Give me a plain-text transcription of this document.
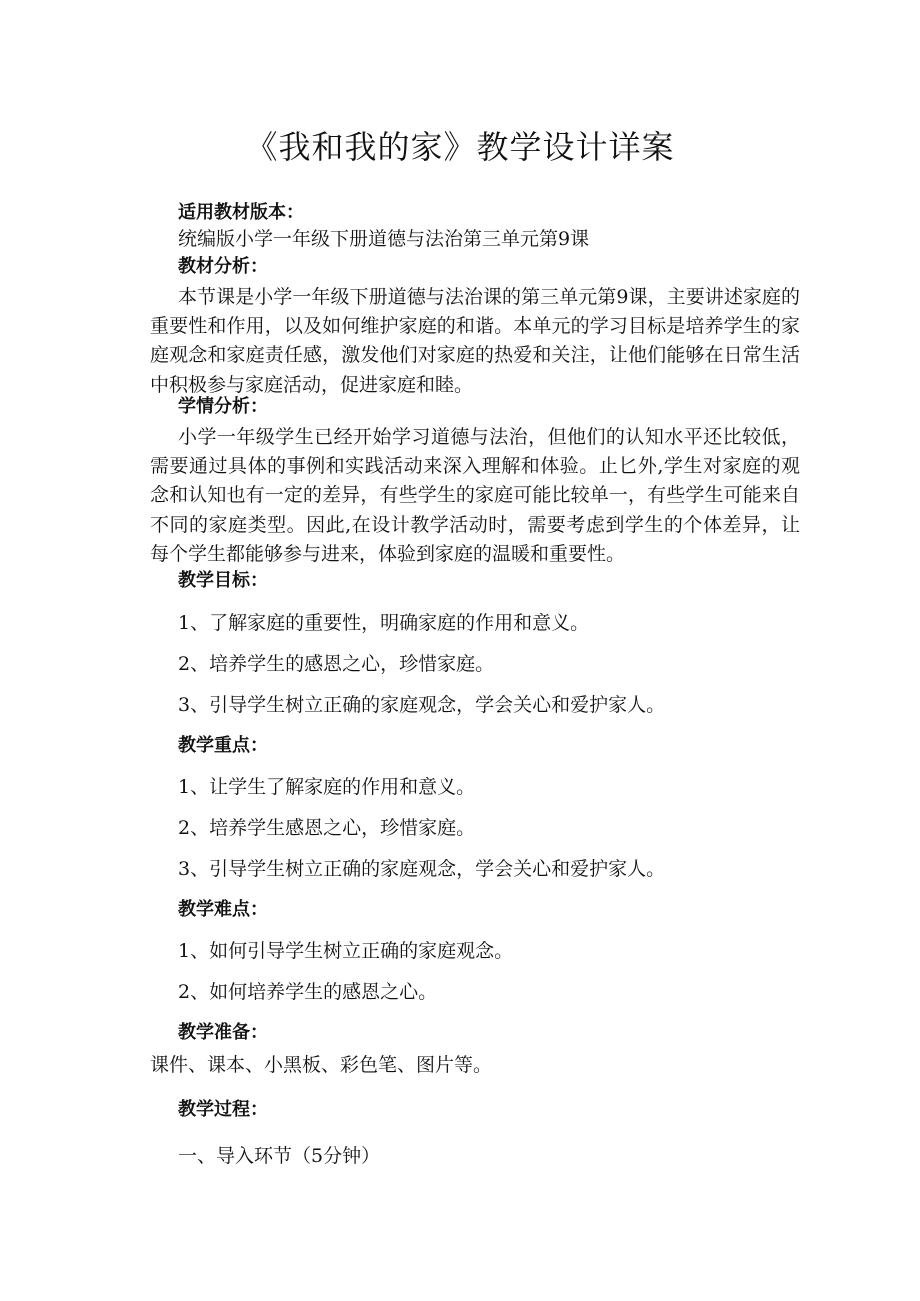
《我和我的家》教学设计详案
适用教材版本：
统编版小学一年级下册道德与法治第三单元第9课
教材分析：
本节课是小学一年级下册道德与法治课的第三单元第9课，主要讲述家庭的重要性和作用，以及如何维护家庭的和谐。本单元的学习目标是培养学生的家庭观念和家庭责任感，激发他们对家庭的热爱和关注，让他们能够在日常生活中积极参与家庭活动，促进家庭和睦。
学情分析：
小学一年级学生已经开始学习道德与法治，但他们的认知水平还比较低，需要通过具体的事例和实践活动来深入理解和体验。止匕外,学生对家庭的观念和认知也有一定的差异，有些学生的家庭可能比较单一，有些学生可能来自不同的家庭类型。因此,在设计教学活动时，需要考虑到学生的个体差异，让每个学生都能够参与进来，体验到家庭的温暖和重要性。
教学目标：
1、了解家庭的重要性，明确家庭的作用和意义。
2、培养学生的感恩之心，珍惜家庭。
3、引导学生树立正确的家庭观念，学会关心和爱护家人。
教学重点：
1、让学生了解家庭的作用和意义。
2、培养学生感恩之心，珍惜家庭。
3、引导学生树立正确的家庭观念，学会关心和爱护家人。
教学难点：
1、如何引导学生树立正确的家庭观念。
2、如何培养学生的感恩之心。
教学准备：
课件、课本、小黑板、彩色笔、图片等。
教学过程：
一、导入环节（5分钟）
